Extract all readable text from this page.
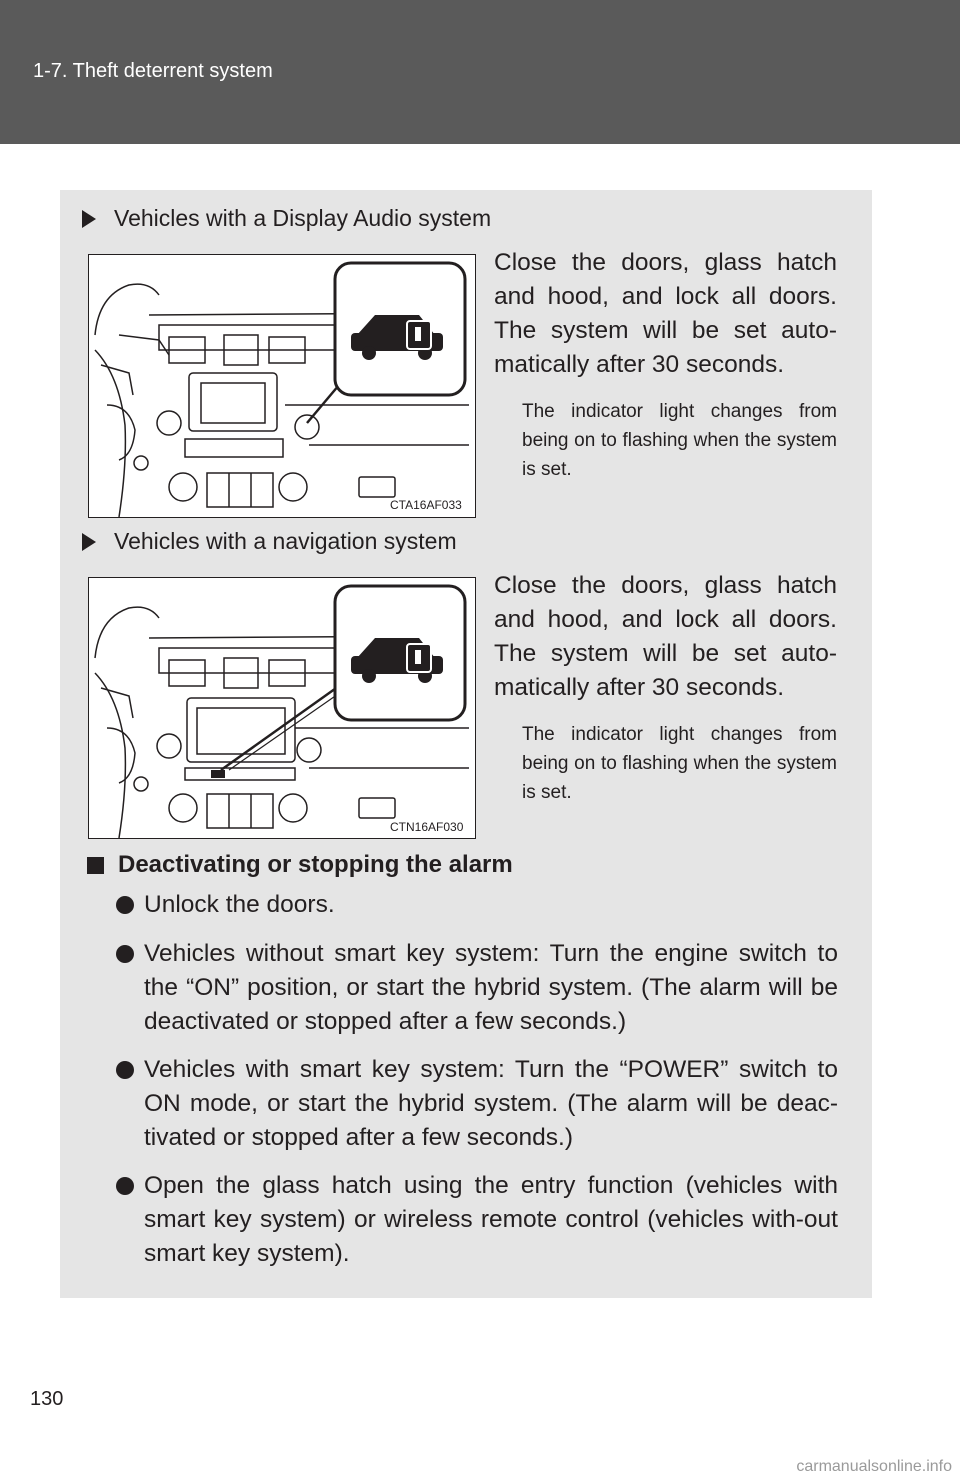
1-7. Theft deterrent system
Vehicles with a Display Audio system
CTA16AF033
Close the doors, glass hatch and hood, and lock all doors. The system will be set auto-matically after 30 seconds.
The indicator light changes from being on to flashing when the system is set.
Vehicles with a navigation system
CTN16AF030
Close the doors, glass hatch and hood, and lock all doors. The system will be set auto-matically after 30 seconds.
The indicator light changes from being on to flashing when the system is set.
Deactivating or stopping the alarm
Unlock the doors.
Vehicles without smart key system: Turn the engine switch to the “ON” position, or start the hybrid system. (The alarm will be deactivated or stopped after a few seconds.)
Vehicles with smart key system: Turn the “POWER” switch to ON mode, or start the hybrid system. (The alarm will be deac-tivated or stopped after a few seconds.)
Open the glass hatch using the entry function (vehicles with smart key system) or wireless remote control (vehicles with-out smart key system).
130
carmanualsonline.info
